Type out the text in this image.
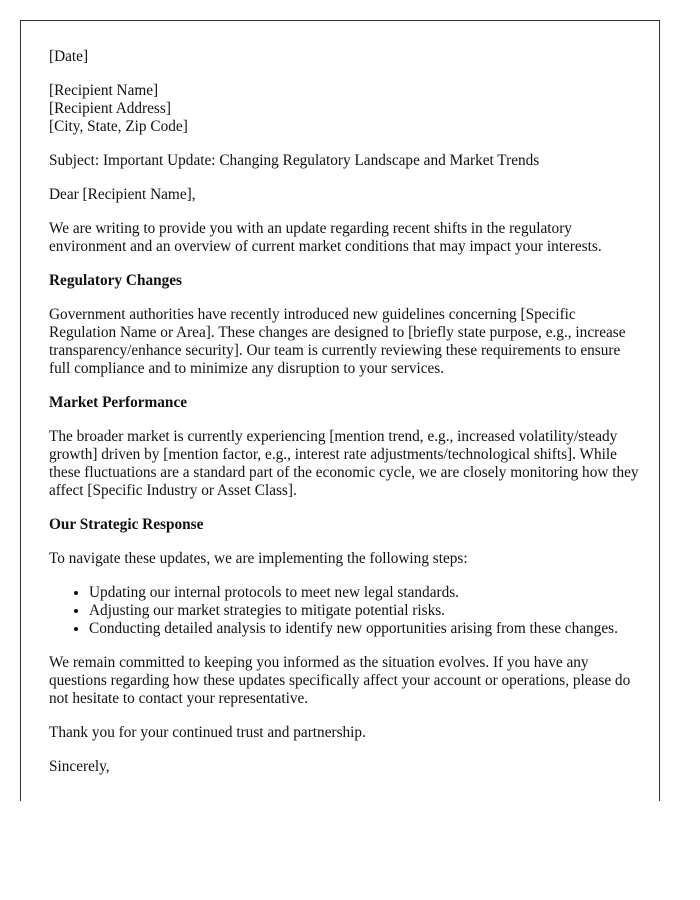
[Date]

[Recipient Name]
[Recipient Address]
[City, State, Zip Code]

Subject: Important Update: Changing Regulatory Landscape and Market Trends

Dear [Recipient Name],

We are writing to provide you with an update regarding recent shifts in the regulatory environment and an overview of current market conditions that may impact your interests.

Regulatory Changes

Government authorities have recently introduced new guidelines concerning [Specific Regulation Name or Area]. These changes are designed to [briefly state purpose, e.g., increase transparency/enhance security]. Our team is currently reviewing these requirements to ensure full compliance and to minimize any disruption to your services.

Market Performance

The broader market is currently experiencing [mention trend, e.g., increased volatility/steady growth] driven by [mention factor, e.g., interest rate adjustments/technological shifts]. While these fluctuations are a standard part of the economic cycle, we are closely monitoring how they affect [Specific Industry or Asset Class].

Our Strategic Response

To navigate these updates, we are implementing the following steps:

• Updating our internal protocols to meet new legal standards.
• Adjusting our market strategies to mitigate potential risks.
• Conducting detailed analysis to identify new opportunities arising from these changes.

We remain committed to keeping you informed as the situation evolves. If you have any questions regarding how these updates specifically affect your account or operations, please do not hesitate to contact your representative.

Thank you for your continued trust and partnership.

Sincerely,
